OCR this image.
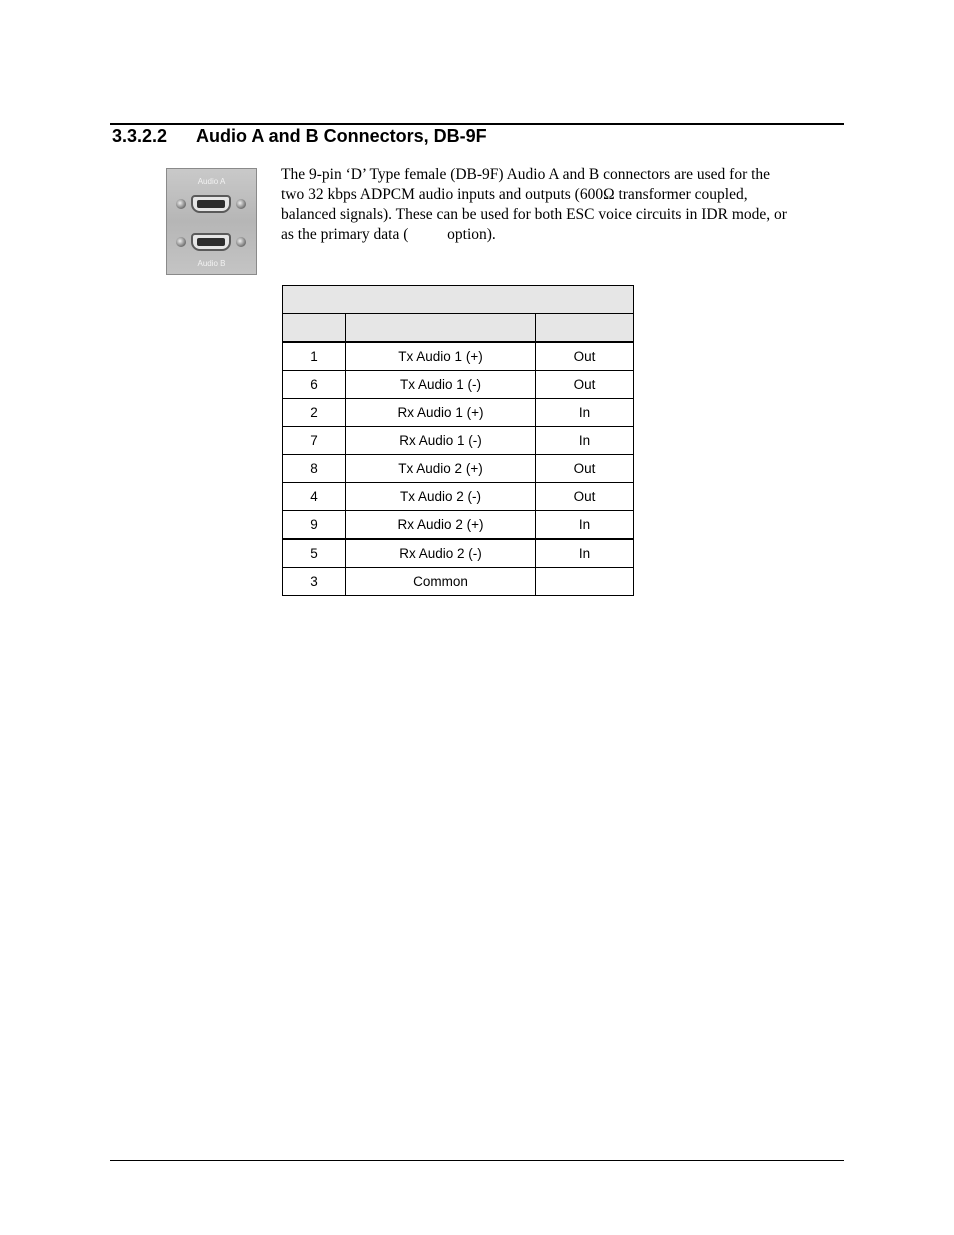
3.3.2.2 Audio A and B Connectors, DB-9F
Audio A
Audio B
The 9-pin ‘D’ Type female (DB-9F) Audio A and B connectors are used for the
two 32 kbps ADPCM audio inputs and outputs (600Ω transformer coupled,
balanced signals). These can be used for both ESC voice circuits in IDR mode, or
as the primary data (          option).

1	Tx Audio 1 (+)	Out
6	Tx Audio 1 (-)	Out
2	Rx Audio 1 (+)	In
7	Rx Audio 1 (-)	In
8	Tx Audio 2 (+)	Out
4	Tx Audio 2 (-)	Out
9	Rx Audio 2 (+)	In
5	Rx Audio 2 (-)	In
3	Common	
